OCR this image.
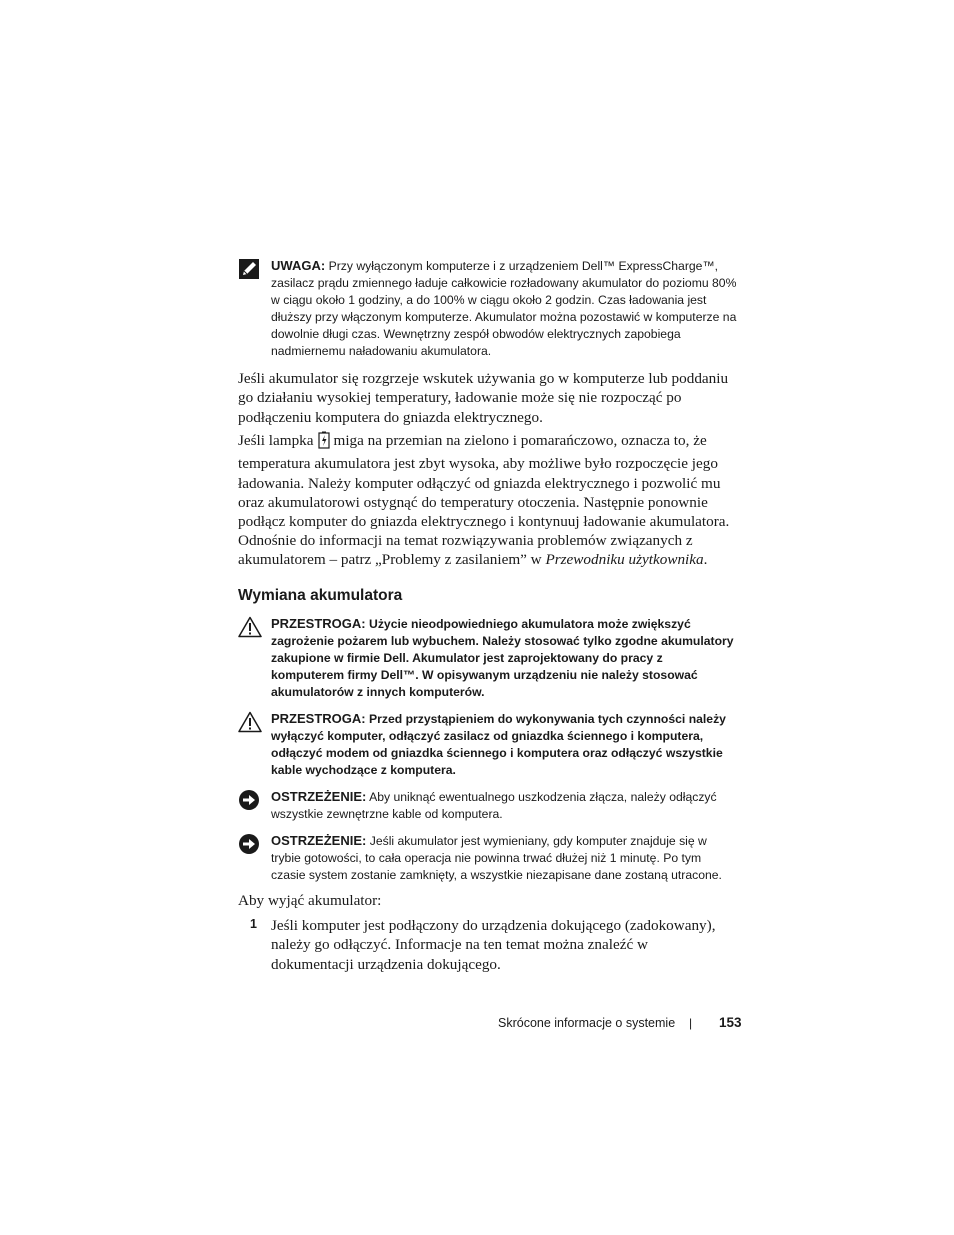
UWAGA: Przy wyłączonym komputerze i z urządzeniem Dell™ ExpressCharge™, zasilacz prądu zmiennego ładuje całkowicie rozładowany akumulator do poziomu 80% w ciągu około 1 godziny, a do 100% w ciągu około 2 godzin. Czas ładowania jest dłuższy przy włączonym komputerze. Akumulator można pozostawić w komputerze na dowolnie długi czas. Wewnętrzny zespół obwodów elektrycznych zapobiega nadmiernemu naładowaniu akumulatora.
Jeśli akumulator się rozgrzeje wskutek używania go w komputerze lub poddaniu go działaniu wysokiej temperatury, ładowanie może się nie rozpocząć po podłączeniu komputera do gniazda elektrycznego.
Jeśli lampka miga na przemian na zielono i pomarańczowo, oznacza to, że temperatura akumulatora jest zbyt wysoka, aby możliwe było rozpoczęcie jego ładowania. Należy komputer odłączyć od gniazda elektrycznego i pozwolić mu oraz akumulatorowi ostygnąć do temperatury otoczenia. Następnie ponownie podłącz komputer do gniazda elektrycznego i kontynuuj ładowanie akumulatora.
Odnośnie do informacji na temat rozwiązywania problemów związanych z akumulatorem – patrz „Problemy z zasilaniem” w Przewodniku użytkownika.
Wymiana akumulatora
PRZESTROGA: Użycie nieodpowiedniego akumulatora może zwiększyć zagrożenie pożarem lub wybuchem. Należy stosować tylko zgodne akumulatory zakupione w firmie Dell. Akumulator jest zaprojektowany do pracy z komputerem firmy Dell™. W opisywanym urządzeniu nie należy stosować akumulatorów z innych komputerów.
PRZESTROGA: Przed przystąpieniem do wykonywania tych czynności należy wyłączyć komputer, odłączyć zasilacz od gniazdka ściennego i komputera, odłączyć modem od gniazdka ściennego i komputera oraz odłączyć wszystkie kable wychodzące z komputera.
OSTRZEŻENIE: Aby uniknąć ewentualnego uszkodzenia złącza, należy odłączyć wszystkie zewnętrzne kable od komputera.
OSTRZEŻENIE: Jeśli akumulator jest wymieniany, gdy komputer znajduje się w trybie gotowości, to cała operacja nie powinna trwać dłużej niż 1 minutę. Po tym czasie system zostanie zamknięty, a wszystkie niezapisane dane zostaną utracone.
Aby wyjąć akumulator:
1 Jeśli komputer jest podłączony do urządzenia dokującego (zadokowany), należy go odłączyć. Informacje na ten temat można znaleźć w dokumentacji urządzenia dokującego.
Skrócone informacje o systemie | 153
